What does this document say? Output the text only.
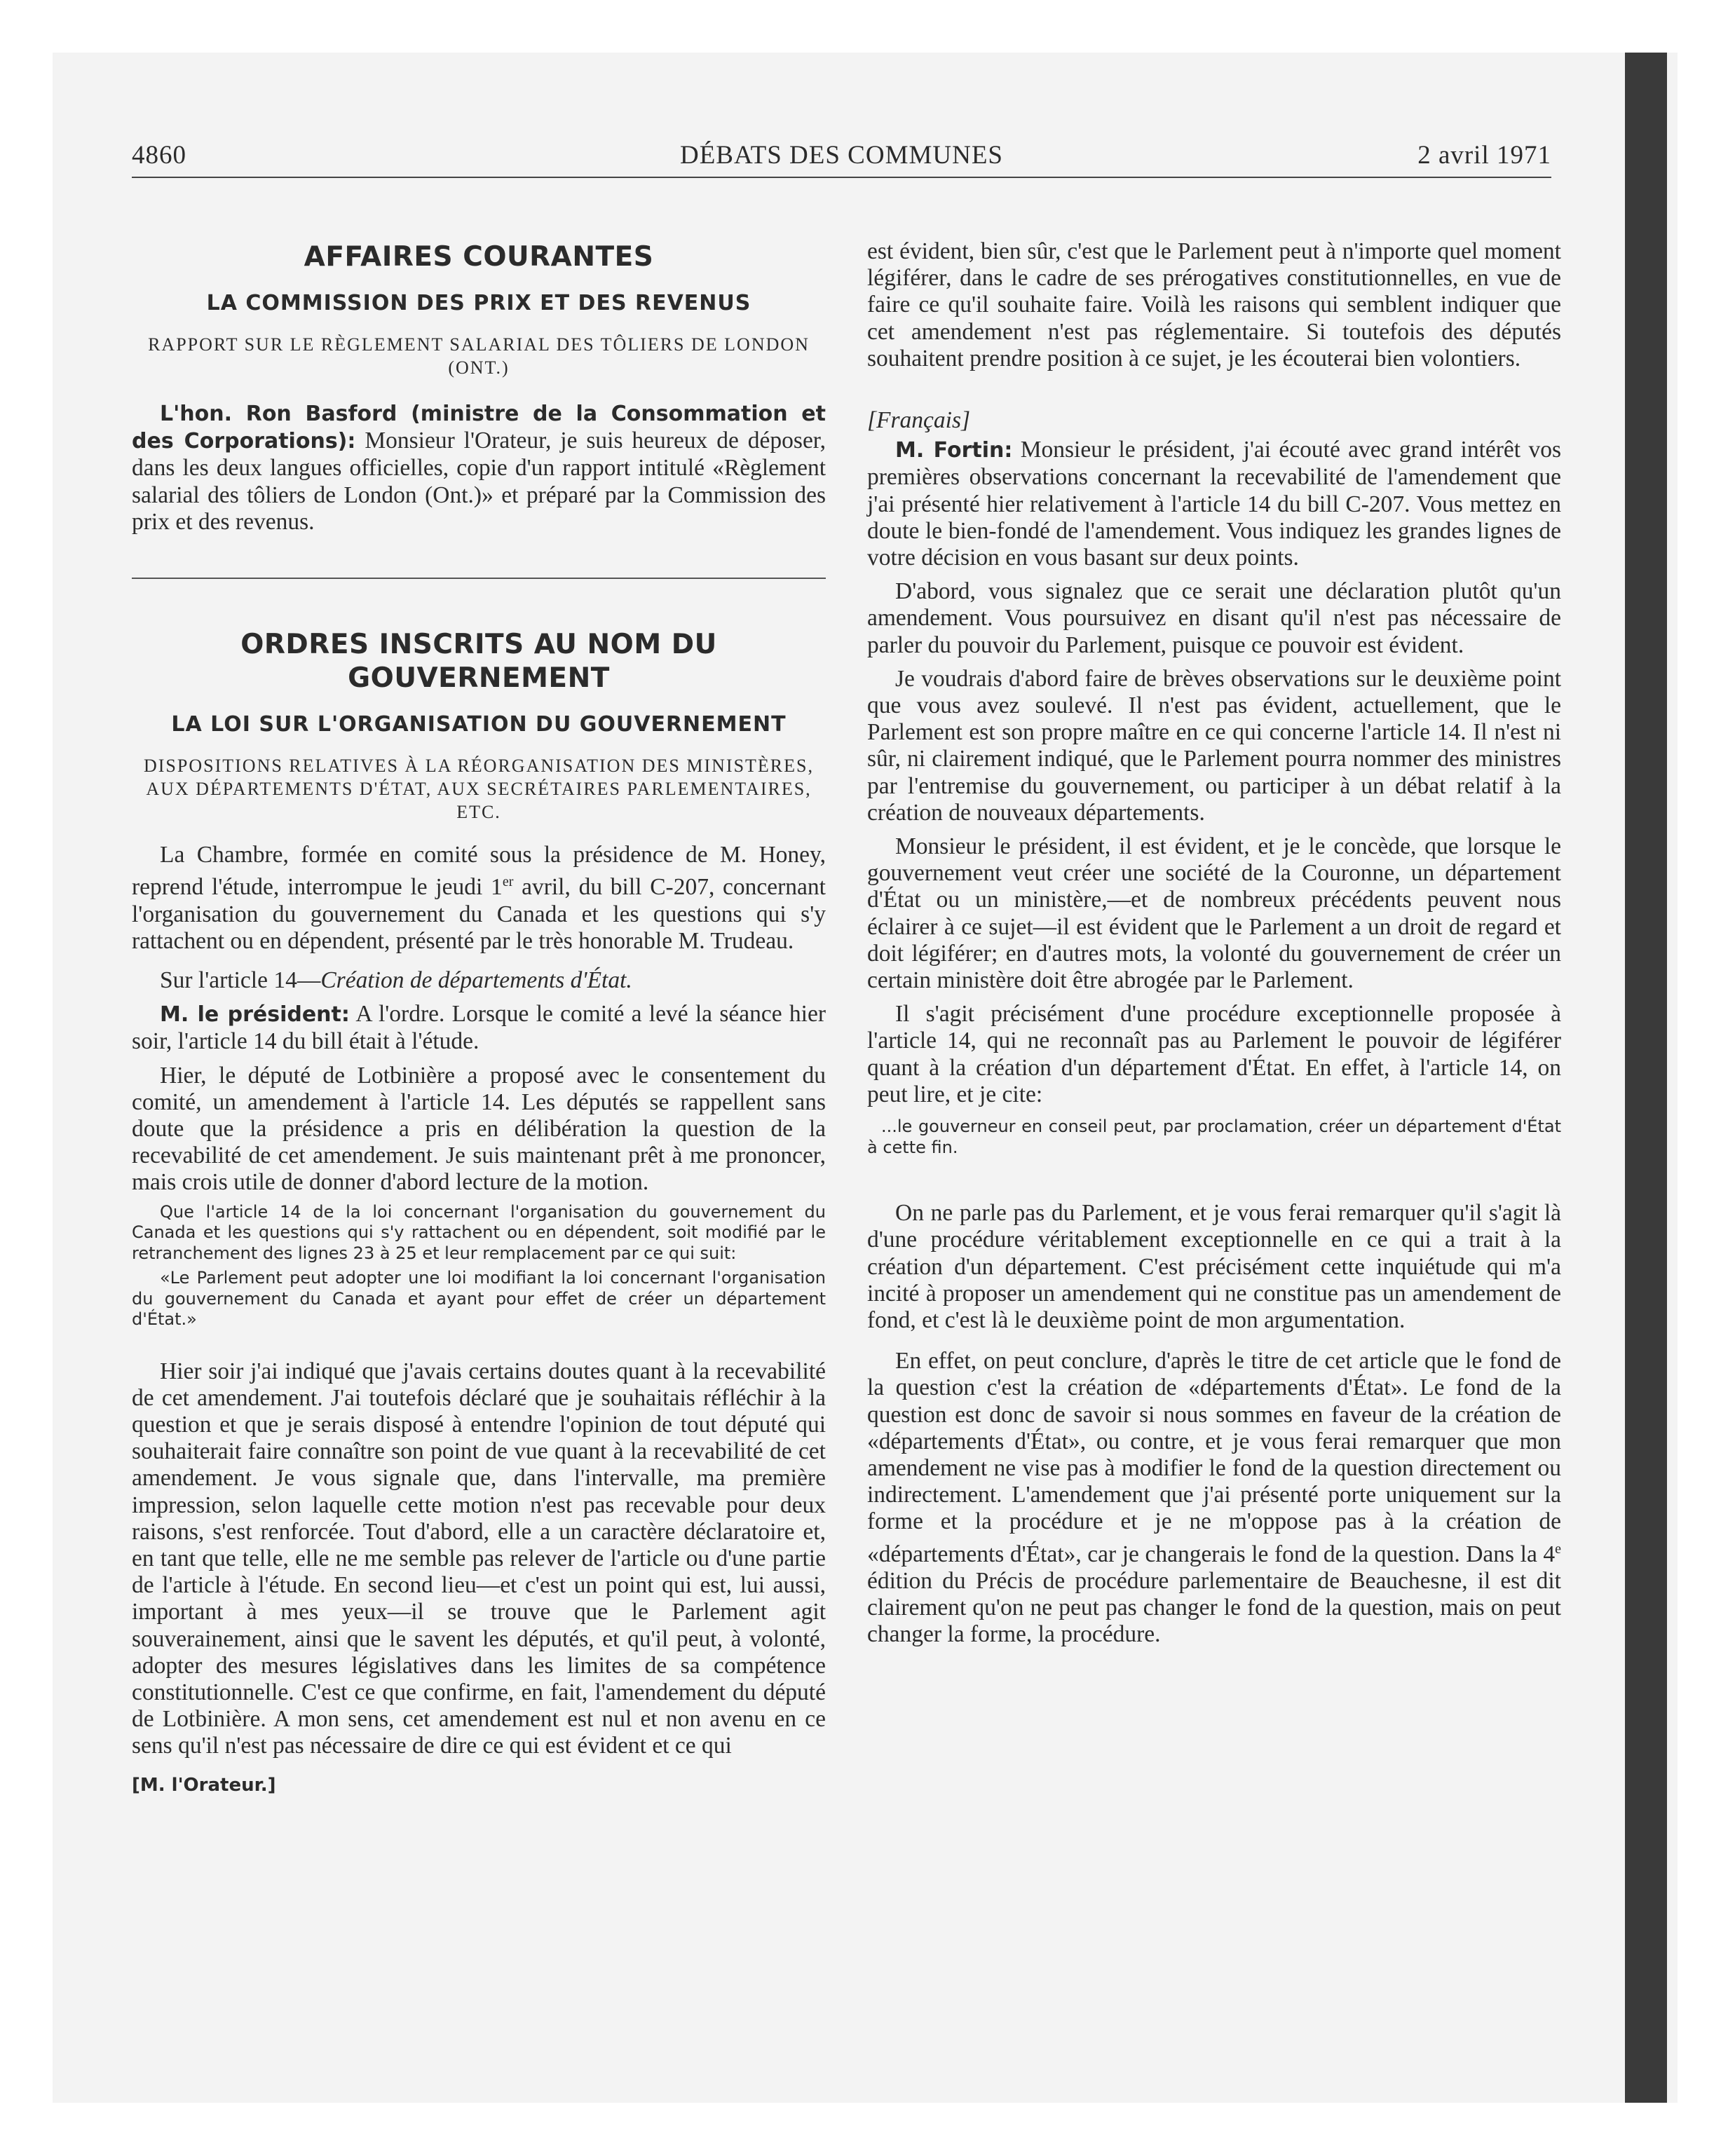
4860	DÉBATS DES COMMUNES	2 avril 1971

AFFAIRES COURANTES

LA COMMISSION DES PRIX ET DES REVENUS

RAPPORT SUR LE RÈGLEMENT SALARIAL DES TÔLIERS DE LONDON (ONT.)

L'hon. Ron Basford (ministre de la Consommation et des Corporations): Monsieur l'Orateur, je suis heureux de déposer, dans les deux langues officielles, copie d'un rapport intitulé «Règlement salarial des tôliers de London (Ont.)» et préparé par la Commission des prix et des revenus.

ORDRES INSCRITS AU NOM DU GOUVERNEMENT

LA LOI SUR L'ORGANISATION DU GOUVERNEMENT

DISPOSITIONS RELATIVES À LA RÉORGANISATION DES MINISTÈRES, AUX DÉPARTEMENTS D'ÉTAT, AUX SECRÉTAIRES PARLEMENTAIRES, ETC.

La Chambre, formée en comité sous la présidence de M. Honey, reprend l'étude, interrompue le jeudi 1er avril, du bill C-207, concernant l'organisation du gouvernement du Canada et les questions qui s'y rattachent ou en dépendent, présenté par le très honorable M. Trudeau.

Sur l'article 14—Création de départements d'État.

M. le président: A l'ordre. Lorsque le comité a levé la séance hier soir, l'article 14 du bill était à l'étude.

Hier, le député de Lotbinière a proposé avec le consentement du comité, un amendement à l'article 14. Les députés se rappellent sans doute que la présidence a pris en délibération la question de la recevabilité de cet amendement. Je suis maintenant prêt à me prononcer, mais crois utile de donner d'abord lecture de la motion.

Que l'article 14 de la loi concernant l'organisation du gouvernement du Canada et les questions qui s'y rattachent ou en dépendent, soit modifié par le retranchement des lignes 23 à 25 et leur remplacement par ce qui suit:

«Le Parlement peut adopter une loi modifiant la loi concernant l'organisation du gouvernement du Canada et ayant pour effet de créer un département d'État.»

Hier soir j'ai indiqué que j'avais certains doutes quant à la recevabilité de cet amendement. J'ai toutefois déclaré que je souhaitais réfléchir à la question et que je serais disposé à entendre l'opinion de tout député qui souhaiterait faire connaître son point de vue quant à la recevabilité de cet amendement. Je vous signale que, dans l'intervalle, ma première impression, selon laquelle cette motion n'est pas recevable pour deux raisons, s'est renforcée. Tout d'abord, elle a un caractère déclaratoire et, en tant que telle, elle ne me semble pas relever de l'article ou d'une partie de l'article à l'étude. En second lieu—et c'est un point qui est, lui aussi, important à mes yeux—il se trouve que le Parlement agit souverainement, ainsi que le savent les députés, et qu'il peut, à volonté, adopter des mesures législatives dans les limites de sa compétence constitutionnelle. C'est ce que confirme, en fait, l'amendement du député de Lotbinière. A mon sens, cet amendement est nul et non avenu en ce sens qu'il n'est pas nécessaire de dire ce qui est évident et ce qui

[M. l'Orateur.]

est évident, bien sûr, c'est que le Parlement peut à n'importe quel moment légiférer, dans le cadre de ses prérogatives constitutionnelles, en vue de faire ce qu'il souhaite faire. Voilà les raisons qui semblent indiquer que cet amendement n'est pas réglementaire. Si toutefois des députés souhaitent prendre position à ce sujet, je les écouterai bien volontiers.

[Français]

M. Fortin: Monsieur le président, j'ai écouté avec grand intérêt vos premières observations concernant la recevabilité de l'amendement que j'ai présenté hier relativement à l'article 14 du bill C-207. Vous mettez en doute le bien-fondé de l'amendement. Vous indiquez les grandes lignes de votre décision en vous basant sur deux points.

D'abord, vous signalez que ce serait une déclaration plutôt qu'un amendement. Vous poursuivez en disant qu'il n'est pas nécessaire de parler du pouvoir du Parlement, puisque ce pouvoir est évident.

Je voudrais d'abord faire de brèves observations sur le deuxième point que vous avez soulevé. Il n'est pas évident, actuellement, que le Parlement est son propre maître en ce qui concerne l'article 14. Il n'est ni sûr, ni clairement indiqué, que le Parlement pourra nommer des ministres par l'entremise du gouvernement, ou participer à un débat relatif à la création de nouveaux départements.

Monsieur le président, il est évident, et je le concède, que lorsque le gouvernement veut créer une société de la Couronne, un département d'État ou un ministère,—et de nombreux précédents peuvent nous éclairer à ce sujet—il est évident que le Parlement a un droit de regard et doit légiférer; en d'autres mots, la volonté du gouvernement de créer un certain ministère doit être abrogée par le Parlement.

Il s'agit précisément d'une procédure exceptionnelle proposée à l'article 14, qui ne reconnaît pas au Parlement le pouvoir de légiférer quant à la création d'un département d'État. En effet, à l'article 14, on peut lire, et je cite:

...le gouverneur en conseil peut, par proclamation, créer un département d'État à cette fin.

On ne parle pas du Parlement, et je vous ferai remarquer qu'il s'agit là d'une procédure véritablement exceptionnelle en ce qui a trait à la création d'un département. C'est précisément cette inquiétude qui m'a incité à proposer un amendement qui ne constitue pas un amendement de fond, et c'est là le deuxième point de mon argumentation.

En effet, on peut conclure, d'après le titre de cet article que le fond de la question c'est la création de «départements d'État». Le fond de la question est donc de savoir si nous sommes en faveur de la création de «départements d'État», ou contre, et je vous ferai remarquer que mon amendement ne vise pas à modifier le fond de la question directement ou indirectement. L'amendement que j'ai présenté porte uniquement sur la forme et la procédure et je ne m'oppose pas à la création de «départements d'État», car je changerais le fond de la question. Dans la 4e édition du Précis de procédure parlementaire de Beauchesne, il est dit clairement qu'on ne peut pas changer le fond de la question, mais on peut changer la forme, la procédure.
